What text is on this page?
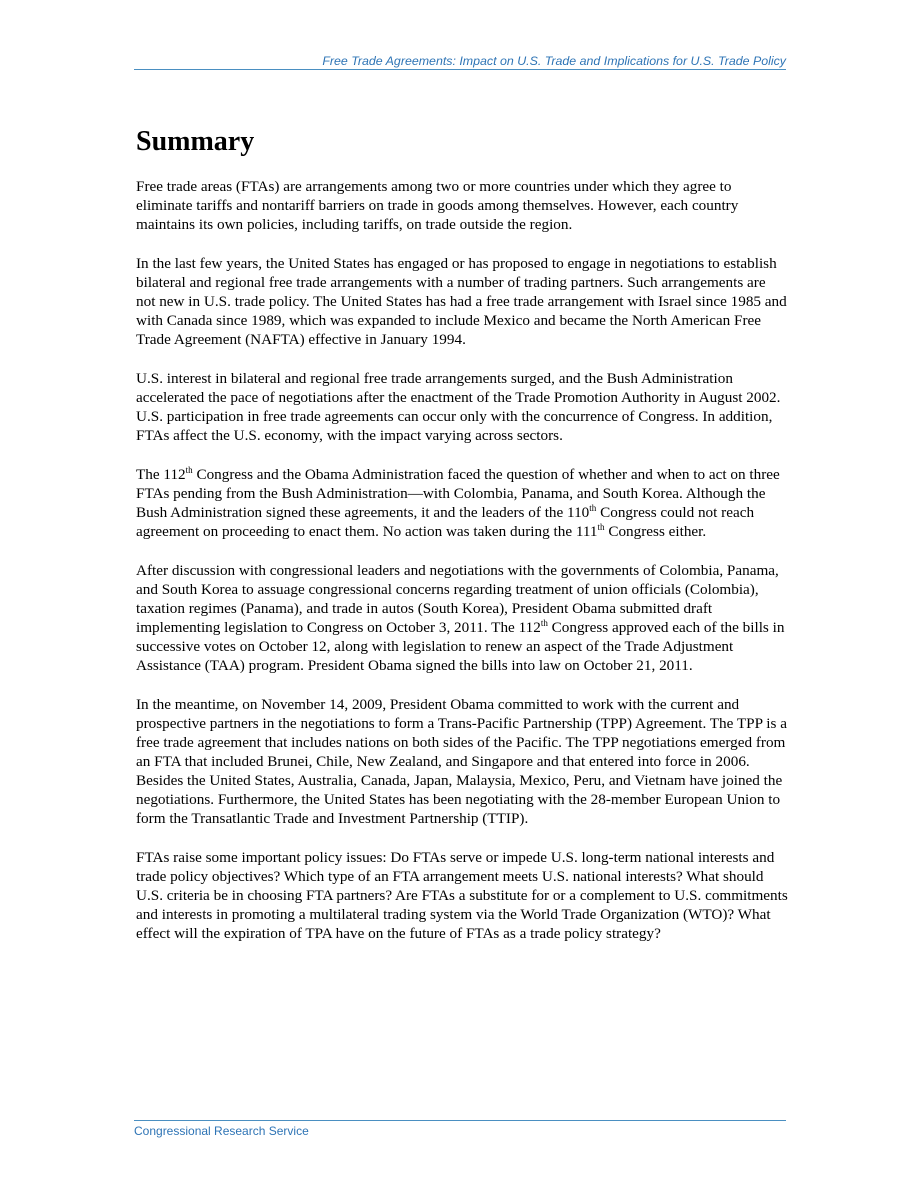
Free Trade Agreements: Impact on U.S. Trade and Implications for U.S. Trade Policy
Summary

Free trade areas (FTAs) are arrangements among two or more countries under which they agree to eliminate tariffs and nontariff barriers on trade in goods among themselves. However, each country maintains its own policies, including tariffs, on trade outside the region.

In the last few years, the United States has engaged or has proposed to engage in negotiations to establish bilateral and regional free trade arrangements with a number of trading partners. Such arrangements are not new in U.S. trade policy. The United States has had a free trade arrangement with Israel since 1985 and with Canada since 1989, which was expanded to include Mexico and became the North American Free Trade Agreement (NAFTA) effective in January 1994.

U.S. interest in bilateral and regional free trade arrangements surged, and the Bush Administration accelerated the pace of negotiations after the enactment of the Trade Promotion Authority in August 2002. U.S. participation in free trade agreements can occur only with the concurrence of Congress. In addition, FTAs affect the U.S. economy, with the impact varying across sectors.

The 112th Congress and the Obama Administration faced the question of whether and when to act on three FTAs pending from the Bush Administration—with Colombia, Panama, and South Korea. Although the Bush Administration signed these agreements, it and the leaders of the 110th Congress could not reach agreement on proceeding to enact them. No action was taken during the 111th Congress either.

After discussion with congressional leaders and negotiations with the governments of Colombia, Panama, and South Korea to assuage congressional concerns regarding treatment of union officials (Colombia), taxation regimes (Panama), and trade in autos (South Korea), President Obama submitted draft implementing legislation to Congress on October 3, 2011. The 112th Congress approved each of the bills in successive votes on October 12, along with legislation to renew an aspect of the Trade Adjustment Assistance (TAA) program. President Obama signed the bills into law on October 21, 2011.

In the meantime, on November 14, 2009, President Obama committed to work with the current and prospective partners in the negotiations to form a Trans-Pacific Partnership (TPP) Agreement. The TPP is a free trade agreement that includes nations on both sides of the Pacific. The TPP negotiations emerged from an FTA that included Brunei, Chile, New Zealand, and Singapore and that entered into force in 2006. Besides the United States, Australia, Canada, Japan, Malaysia, Mexico, Peru, and Vietnam have joined the negotiations. Furthermore, the United States has been negotiating with the 28-member European Union to form the Transatlantic Trade and Investment Partnership (TTIP).

FTAs raise some important policy issues: Do FTAs serve or impede U.S. long-term national interests and trade policy objectives? Which type of an FTA arrangement meets U.S. national interests? What should U.S. criteria be in choosing FTA partners? Are FTAs a substitute for or a complement to U.S. commitments and interests in promoting a multilateral trading system via the World Trade Organization (WTO)? What effect will the expiration of TPA have on the future of FTAs as a trade policy strategy?

Congressional Research Service
